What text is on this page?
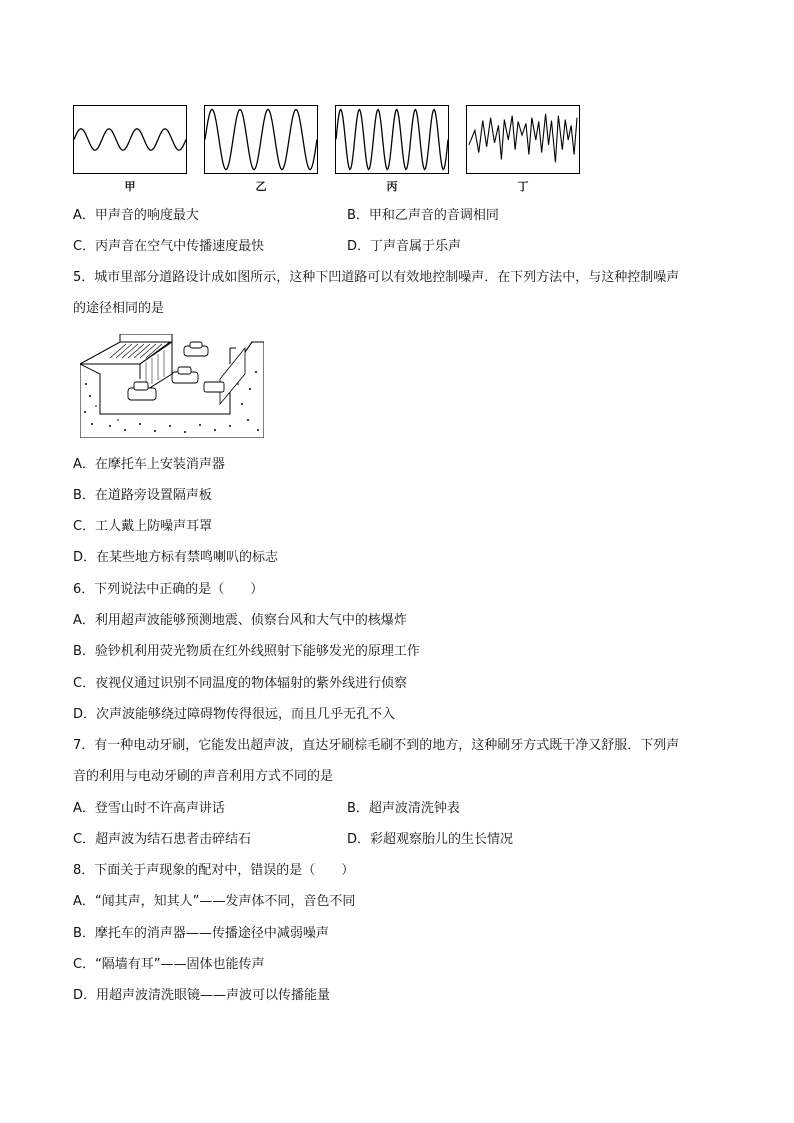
甲	乙	丙	丁
A．甲声音的响度最大	B．甲和乙声音的音调相同
C．丙声音在空气中传播速度最快	D．丁声音属于乐声
5．城市里部分道路设计成如图所示，这种下凹道路可以有效地控制噪声．在下列方法中，与这种控制噪声
的途径相同的是
A．在摩托车上安装消声器
B．在道路旁设置隔声板
C．工人戴上防噪声耳罩
D．在某些地方标有禁鸣喇叭的标志
6．下列说法中正确的是（　　）
A．利用超声波能够预测地震、侦察台风和大气中的核爆炸
B．验钞机利用荧光物质在红外线照射下能够发光的原理工作
C．夜视仪通过识别不同温度的物体辐射的紫外线进行侦察
D．次声波能够绕过障碍物传得很远，而且几乎无孔不入
7．有一种电动牙刷，它能发出超声波，直达牙刷棕毛刷不到的地方，这种刷牙方式既干净又舒服．下列声
音的利用与电动牙刷的声音利用方式不同的是
A．登雪山时不许高声讲话	B．超声波清洗钟表
C．超声波为结石患者击碎结石	D．彩超观察胎儿的生长情况
8．下面关于声现象的配对中，错误的是（　　）
A．“闻其声，知其人”——发声体不同，音色不同
B．摩托车的消声器——传播途径中减弱噪声
C．“隔墙有耳”——固体也能传声
D．用超声波清洗眼镜——声波可以传播能量
